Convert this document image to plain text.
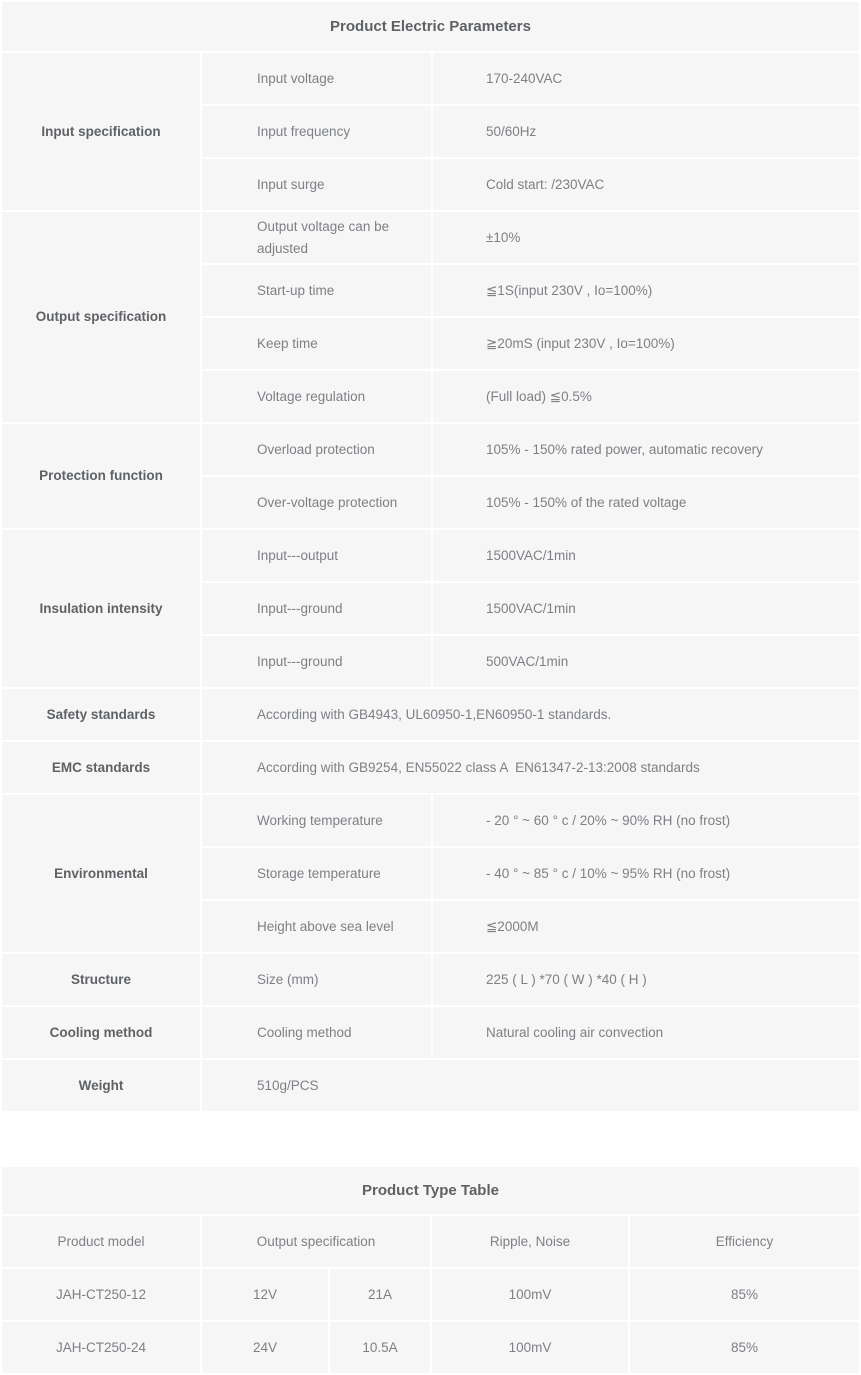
Product Electric Parameters		
Input specification	Input voltage	170-240VAC
	Input frequency	50/60Hz
	Input surge	Cold start: /230VAC
Output specification	Output voltage can be adjusted	±10%
	Start-up time	≦1S(input 230V , Io=100%)
	Keep time	≧20mS (input 230V , Io=100%)
	Voltage regulation	(Full load) ≦0.5%
Protection function	Overload protection	105% - 150% rated power, automatic recovery
	Over-voltage protection	105% - 150% of the rated voltage
Insulation intensity	Input---output	1500VAC/1min
	Input---ground	1500VAC/1min
	Input---ground	500VAC/1min
Safety standards	According with GB4943, UL60950-1,EN60950-1 standards.	
EMC standards	According with GB9254, EN55022 class A  EN61347-2-13:2008 standards	
Environmental	Working temperature	- 20 ° ~ 60 ° c / 20% ~ 90% RH (no frost)
	Storage temperature	- 40 ° ~ 85 ° c / 10% ~ 95% RH (no frost)
	Height above sea level	≦2000M
Structure	Size (mm)	225 ( L ) *70 ( W ) *40 ( H )
Cooling method	Cooling method	Natural cooling air convection
Weight	510g/PCS	
Product Type Table				
Product model	Output specification		Ripple, Noise	Efficiency
JAH-CT250-12	12V	21A	100mV	85%
JAH-CT250-24	24V	10.5A	100mV	85%
